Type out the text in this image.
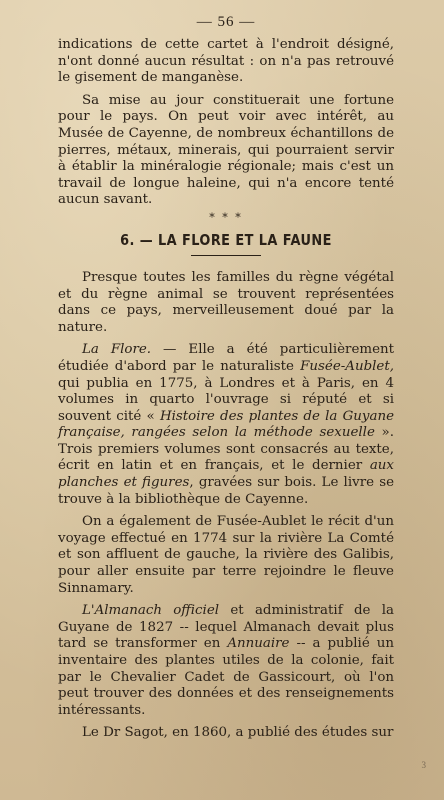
— 56 —

indications de cette cartet à l'endroit désigné, n'ont donné aucun résultat : on n'a pas retrouvé le gisement de manganèse.

Sa mise au jour constituerait une fortune pour le pays. On peut voir avec intérêt, au Musée de Cayenne, de nombreux échantillons de pierres, métaux, minerais, qui pourraient servir à établir la minéralogie régionale; mais c'est un travail de longue haleine, qui n'a encore tenté aucun savant.

* * *
6. — LA FLORE ET LA FAUNE

Presque toutes les familles du règne végétal et du règne animal se trouvent représentées dans ce pays, merveilleusement doué par la nature.

La Flore. — Elle a été particulièrement étudiée d'abord par le naturaliste Fusée-Aublet, qui publia en 1775, à Londres et à Paris, en 4 volumes in quarto l'ouvrage si réputé et si souvent cité « Histoire des plantes de la Guyane française, rangées selon la méthode sexuelle ». Trois premiers volumes sont consacrés au texte, écrit en latin et en français, et le dernier aux planches et figures, gravées sur bois. Le livre se trouve à la bibliothèque de Cayenne.

On a également de Fusée-Aublet le récit d'un voyage effectué en 1774 sur la rivière La Comté et son affluent de gauche, la rivière des Galibis, pour aller ensuite par terre rejoindre le fleuve Sinnamary.

L'Almanach officiel et administratif de la Guyane de 1827 -- lequel Almanach devait plus tard se transformer en Annuaire -- a publié un inventaire des plantes utiles de la colonie, fait par le Chevalier Cadet de Gassicourt, où l'on peut trouver des données et des renseignements intéressants.

Le Dr Sagot, en 1860, a publié des études sur

3
